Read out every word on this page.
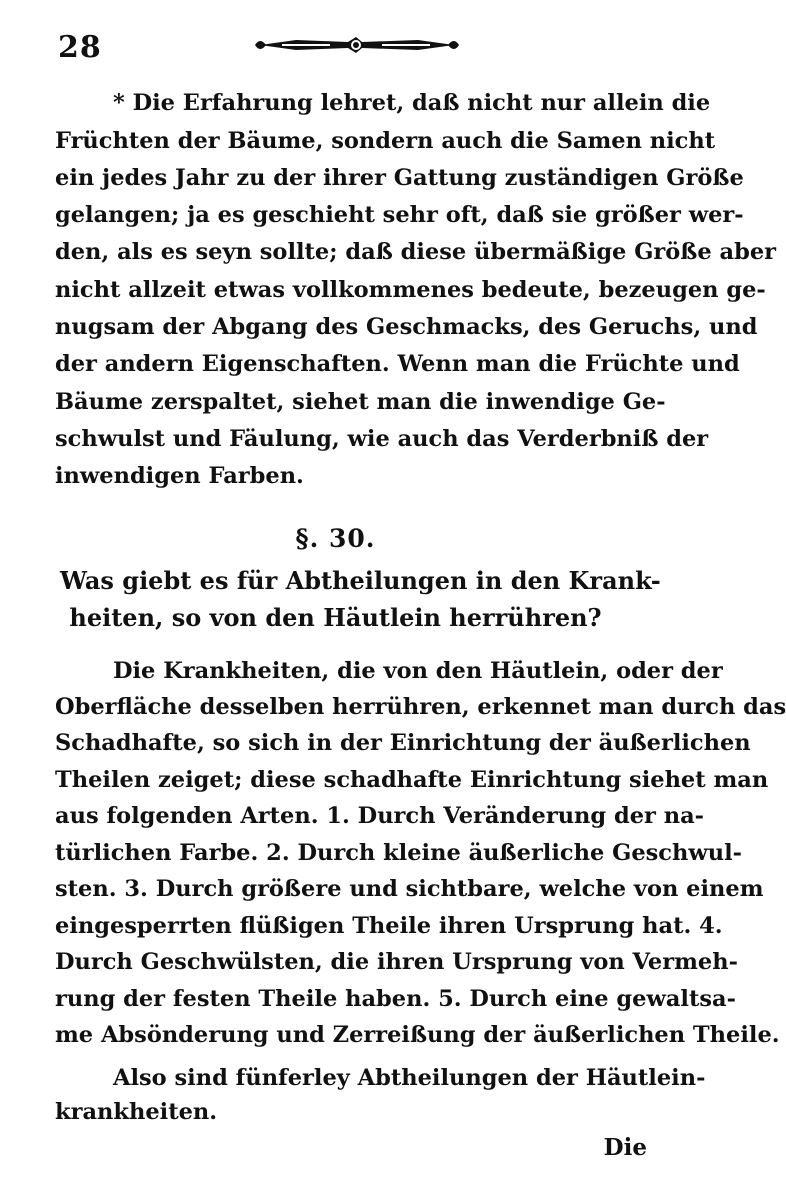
28
* Die Erfahrung lehret, daß nicht nur allein die
Früchten der Bäume, sondern auch die Samen nicht
ein jedes Jahr zu der ihrer Gattung zuständigen Größe
gelangen; ja es geschieht sehr oft, daß sie größer wer-
den, als es seyn sollte; daß diese übermäßige Größe aber
nicht allzeit etwas vollkommenes bedeute, bezeugen ge-
nugsam der Abgang des Geschmacks, des Geruchs, und
der andern Eigenschaften. Wenn man die Früchte und
Bäume zerspaltet, siehet man die inwendige Ge-
schwulst und Fäulung, wie auch das Verderbniß der
inwendigen Farben.
§. 30.
Was giebt es für Abtheilungen in den Krank-
heiten, so von den Häutlein herrühren?
Die Krankheiten, die von den Häutlein, oder der
Oberfläche desselben herrühren, erkennet man durch das
Schadhafte, so sich in der Einrichtung der äußerlichen
Theilen zeiget; diese schadhafte Einrichtung siehet man
aus folgenden Arten. 1. Durch Veränderung der na-
türlichen Farbe. 2. Durch kleine äußerliche Geschwul-
sten. 3. Durch größere und sichtbare, welche von einem
eingesperrten flüßigen Theile ihren Ursprung hat. 4.
Durch Geschwülsten, die ihren Ursprung von Vermeh-
rung der festen Theile haben. 5. Durch eine gewaltsa-
me Absönderung und Zerreißung der äußerlichen Theile.
Also sind fünferley Abtheilungen der Häutlein-
krankheiten.
Die
